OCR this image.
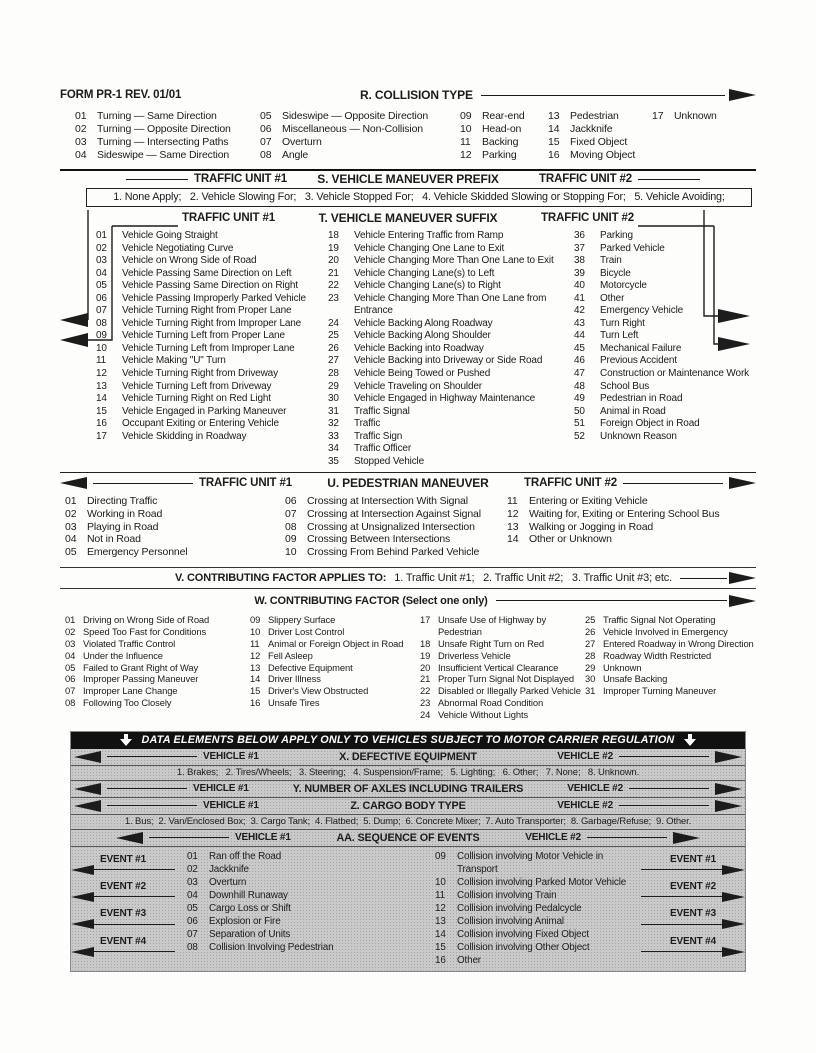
FORM PR-1 REV. 01/01	R. COLLISION TYPE
01	Turning — Same Direction
02	Turning — Opposite Direction
03	Turning — Intersecting Paths
04	Sideswipe — Same Direction
05	Sideswipe — Opposite Direction
06	Miscellaneous — Non-Collision
07	Overturn
08	Angle
09	Rear-end
10	Head-on
11	Backing
12	Parking
13	Pedestrian
14	Jackknife
15	Fixed Object
16	Moving Object
17	Unknown
S. VEHICLE MANEUVER PREFIX
TRAFFIC UNIT #1	TRAFFIC UNIT #2
1. None Apply;   2. Vehicle Slowing For;   3. Vehicle Stopped For;   4. Vehicle Skidded Slowing or Stopping For;   5. Vehicle Avoiding;
T. VEHICLE MANEUVER SUFFIX
TRAFFIC UNIT #1	TRAFFIC UNIT #2
01	Vehicle Going Straight
02	Vehicle Negotiating Curve
03	Vehicle on Wrong Side of Road
04	Vehicle Passing Same Direction on Left
05	Vehicle Passing Same Direction on Right
06	Vehicle Passing Improperly Parked Vehicle
07	Vehicle Turning Right from Proper Lane
08	Vehicle Turning Right from Improper Lane
09	Vehicle Turning Left from Proper Lane
10	Vehicle Turning Left from Improper Lane
11	Vehicle Making "U" Turn
12	Vehicle Turning Right from Driveway
13	Vehicle Turning Left from Driveway
14	Vehicle Turning Right on Red Light
15	Vehicle Engaged in Parking Maneuver
16	Occupant Exiting or Entering Vehicle
17	Vehicle Skidding in Roadway
18	Vehicle Entering Traffic from Ramp
19	Vehicle Changing One Lane to Exit
20	Vehicle Changing More Than One Lane to Exit
21	Vehicle Changing Lane(s) to Left
22	Vehicle Changing Lane(s) to Right
23	Vehicle Changing More Than One Lane from Entrance
24	Vehicle Backing Along Roadway
25	Vehicle Backing Along Shoulder
26	Vehicle Backing into Roadway
27	Vehicle Backing into Driveway or Side Road
28	Vehicle Being Towed or Pushed
29	Vehicle Traveling on Shoulder
30	Vehicle Engaged in Highway Maintenance
31	Traffic Signal
32	Traffic
33	Traffic Sign
34	Traffic Officer
35	Stopped Vehicle
36	Parking
37	Parked Vehicle
38	Train
39	Bicycle
40	Motorcycle
41	Other
42	Emergency Vehicle
43	Turn Right
44	Turn Left
45	Mechanical Failure
46	Previous Accident
47	Construction or Maintenance Work
48	School Bus
49	Pedestrian in Road
50	Animal in Road
51	Foreign Object in Road
52	Unknown Reason
U. PEDESTRIAN MANEUVER
TRAFFIC UNIT #1	TRAFFIC UNIT #2
01	Directing Traffic
02	Working in Road
03	Playing in Road
04	Not in Road
05	Emergency Personnel
06	Crossing at Intersection With Signal
07	Crossing at Intersection Against Signal
08	Crossing at Unsignalized Intersection
09	Crossing Between Intersections
10	Crossing From Behind Parked Vehicle
11	Entering or Exiting Vehicle
12	Waiting for, Exiting or Entering School Bus
13	Walking or Jogging in Road
14	Other or Unknown
V. CONTRIBUTING FACTOR APPLIES TO: 1. Traffic Unit #1;   2. Traffic Unit #2;   3. Traffic Unit #3; etc.
W. CONTRIBUTING FACTOR (Select one only)
01 Driving on Wrong Side of Road
02 Speed Too Fast for Conditions
03 Violated Traffic Control
04 Under the Influence
05 Failed to Grant Right of Way
06 Improper Passing Maneuver
07 Improper Lane Change
08 Following Too Closely
09 Slippery Surface
10 Driver Lost Control
11 Animal or Foreign Object in Road
12 Fell Asleep
13 Defective Equipment
14 Driver Illness
15 Driver's View Obstructed
16 Unsafe Tires
17 Unsafe Use of Highway by Pedestrian
18 Unsafe Right Turn on Red
19 Driverless Vehicle
20 Insufficient Vertical Clearance
21 Proper Turn Signal Not Displayed
22 Disabled or Illegally Parked Vehicle
23 Abnormal Road Condition
24 Vehicle Without Lights
25 Traffic Signal Not Operating
26 Vehicle Involved in Emergency
27 Entered Roadway in Wrong Direction
28 Roadway Width Restricted
29 Unknown
30 Unsafe Backing
31 Improper Turning Maneuver
DATA ELEMENTS BELOW APPLY ONLY TO VEHICLES SUBJECT TO MOTOR CARRIER REGULATION
X. DEFECTIVE EQUIPMENT
VEHICLE #1	VEHICLE #2
1. Brakes;   2. Tires/Wheels;   3. Steering;   4. Suspension/Frame;   5. Lighting;   6. Other;   7. None;   8. Unknown.
Y. NUMBER OF AXLES INCLUDING TRAILERS
VEHICLE #1	VEHICLE #2
Z. CARGO BODY TYPE
VEHICLE #1	VEHICLE #2
1. Bus;  2. Van/Enclosed Box;  3. Cargo Tank;  4. Flatbed;  5. Dump;  6. Concrete Mixer;  7. Auto Transporter;  8. Garbage/Refuse;  9. Other.
AA. SEQUENCE OF EVENTS
VEHICLE #1	VEHICLE #2
EVENT #1
EVENT #2
EVENT #3
EVENT #4
01	Ran off the Road
02	Jackknife
03	Overturn
04	Downhill Runaway
05	Cargo Loss or Shift
06	Explosion or Fire
07	Separation of Units
08	Collision Involving Pedestrian
09	Collision involving Motor Vehicle in Transport
10	Collision involving Parked Motor Vehicle
11	Collision involving Train
12	Collision involving Pedalcycle
13	Collision involving Animal
14	Collision involving Fixed Object
15	Collision involving Other Object
16	Other
EVENT #1
EVENT #2
EVENT #3
EVENT #4
